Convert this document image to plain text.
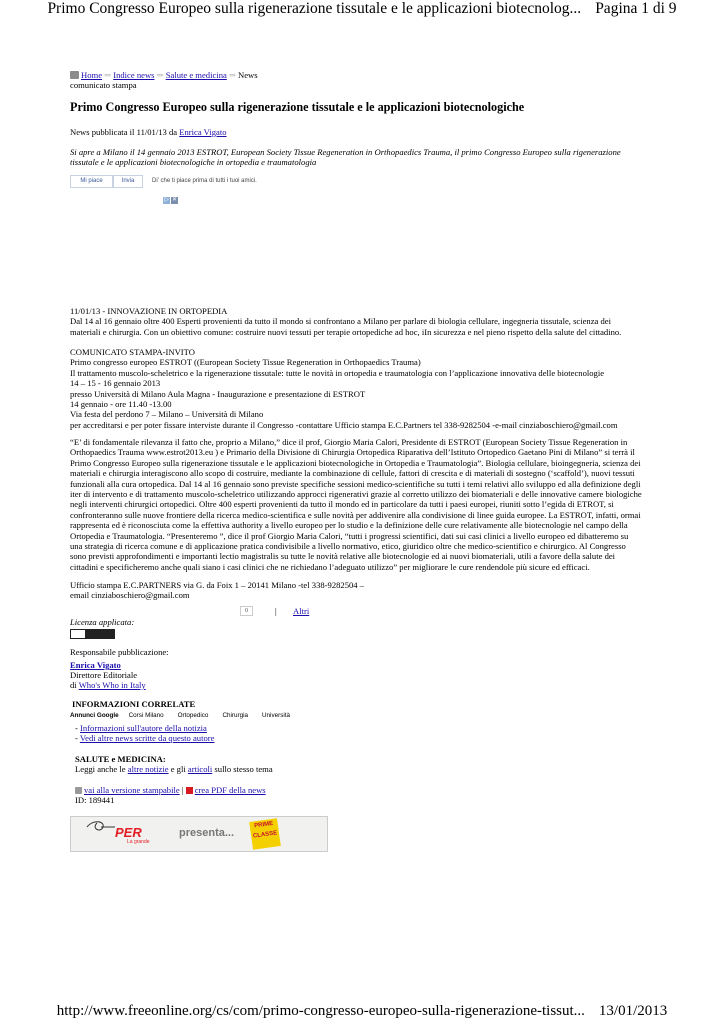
Primo Congresso Europeo sulla rigenerazione tissutale e le applicazioni biotecnolog... Pagina 1 di 9
Home ⇒ Indice news ⇒ Salute e medicina ⇒ News
comunicato stampa
Primo Congresso Europeo sulla rigenerazione tissutale e le applicazioni biotecnologiche
News pubblicata il 11/01/13 da Enrica Vigato
Si apre a Milano il 14 gennaio 2013 ESTROT, European Society Tissue Regeneration in Orthopaedics Trauma, il primo Congresso Europeo sulla rigenerazione
tissutale e le applicazioni biotecnologiche in ortopedia e traumatologia
Mi piace	Invia	Di' che ti piace prima di tutti i tuoi amici.
▷ ✕

11/01/13 - INNOVAZIONE IN ORTOPEDIA

Dal 14 al 16 gennaio oltre 400 Esperti provenienti da tutto il mondo si confrontano a Milano per parlare di biologia cellulare, ingegneria tissutale, scienza dei

materiali e chirurgia. Con un obiettivo comune: costruire nuovi tessuti per terapie ortopediche ad hoc, iIn sicurezza e nel pieno rispetto della salute del cittadino.

COMUNICATO STAMPA-INVITO

Primo congresso europeo ESTROT ((European Society Tissue Regeneration in Orthopaedics Trauma)

Il trattamento muscolo-scheletrico e la rigenerazione tissutale: tutte le novità in ortopedia e traumatologia con l’applicazione innovativa delle biotecnologie

14 – 15 - 16 gennaio 2013

presso Università di Milano Aula Magna - Inaugurazione e presentazione di ESTROT

14 gennaio - ore 11.40 -13.00

Via festa del perdono 7 – Milano – Università di Milano

per accreditarsi e per poter fissare interviste durante il Congresso -contattare Ufficio stampa E.C.Partners tel 338-9282504 -e-mail cinziaboschiero@gmail.com

“E’ di fondamentale rilevanza il fatto che, proprio a Milano,” dice il prof, Giorgio Maria Calori, Presidente di ESTROT (European Society Tissue Regeneration in

Orthopaedics Trauma www.estrot2013.eu ) e Primario della Divisione di Chirurgia Ortopedica Riparativa dell’Istituto Ortopedico Gaetano Pini di Milano” si terrà il

Primo Congresso Europeo sulla rigenerazione tissutale e le applicazioni biotecnologiche in Ortopedia e Traumatologia”. Biologia cellulare, bioingegneria, scienza dei

materiali e chirurgia interagiscono allo scopo di costruire, mediante la combinazione di cellule, fattori di crescita e di materiali di sostegno (‘scaffold’), nuovi tessuti

funzionali alla cura ortopedica. Dal 14 al 16 gennaio sono previste specifiche sessioni medico-scientifiche su tutti i temi relativi allo sviluppo ed alla definizione degli

iter di intervento e di trattamento muscolo-scheletrico utilizzando approcci rigenerativi grazie al corretto utilizzo dei biomateriali e delle innovative camere biologiche

negli interventi chirurgici ortopedici. Oltre 400 esperti provenienti da tutto il mondo ed in particolare da tutti i paesi europei, riuniti sotto l’egida di ETROT, si

confronteranno sulle nuove frontiere della ricerca medico-scientifica e sulle novità per addivenire alla condivisione di linee guida europee. La ESTROT, infatti, ormai

rappresenta ed è riconosciuta come la effettiva authority a livello europeo per lo studio e la definizione delle cure relativamente alle biotecnologie nel campo della

Ortopedia e Traumatologia. “Presenteremo ”, dice il prof Giorgio Maria Calori, “tutti i progressi scientifici, dati sui casi clinici a livello europeo ed dibatteremo su

una strategia di ricerca comune e di applicazione pratica condivisibile a livello normativo, etico, giuridico oltre che medico-scientifico e chirurgico. Al Congresso

sono previsti approfondimenti e importanti lectio magistralis su tutte le novità relative alle biotecnologie ed ai nuovi biomateriali, utili a favore della salute dei

cittadini e specificheremo anche quali siano i casi clinici che ne richiedano l’adeguato utilizzo” per migliorare le cure rendendole più sicure ed efficaci.

Ufficio stampa E.C.PARTNERS via G. da Foix 1 – 20141 Milano -tel 338-9282504 –

email cinziaboschiero@gmail.com

0	| Altri
Licenza applicata:
Responsabile pubblicazione:
Enrica Vigato
Direttore Editoriale
di Who's Who in Italy
INFORMAZIONI CORRELATE
Annunci Google Corsi Milano Ortopedico Chirurgia Università
- Informazioni sull'autore della notizia
- Vedi altre news scritte da questo autore
SALUTE e MEDICINA:
Leggi anche le altre notizie e gli articoli sullo stesso tema
vai alla versione stampabile | crea PDF della news
ID: 189441
PER
La grande
presenta...
PRIME
CLASSE
http://www.freeonline.org/cs/com/primo-congresso-europeo-sulla-rigenerazione-tissut... 13/01/2013
